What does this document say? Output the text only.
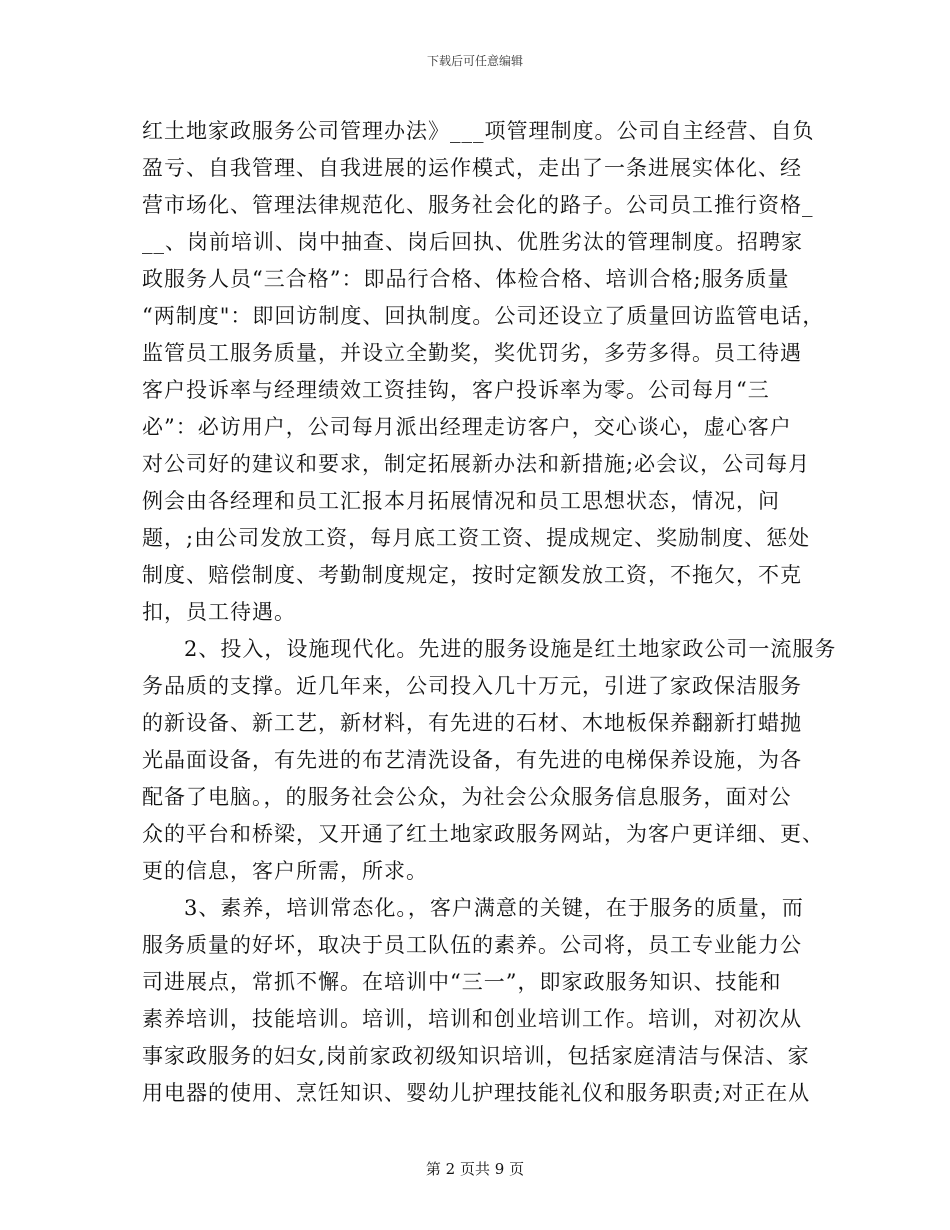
下载后可任意编辑
红土地家政服务公司管理办法》___项管理制度。公司自主经营、自负
盈亏、自我管理、自我进展的运作模式，走出了一条进展实体化、经
营市场化、管理法律规范化、服务社会化的路子。公司员工推行资格_
__、岗前培训、岗中抽查、岗后回执、优胜劣汰的管理制度。招聘家
政服务人员“三合格”：即品行合格、体检合格、培训合格;服务质量
“两制度"：即回访制度、回执制度。公司还设立了质量回访监管电话，
监管员工服务质量，并设立全勤奖，奖优罚劣，多劳多得。员工待遇
客户投诉率与经理绩效工资挂钩，客户投诉率为零。公司每月“三
必”：必访用户，公司每月派出经理走访客户，交心谈心，虚心客户
对公司好的建议和要求，制定拓展新办法和新措施;必会议，公司每月
例会由各经理和员工汇报本月拓展情况和员工思想状态，情况，问
题，;由公司发放工资，每月底工资工资、提成规定、奖励制度、惩处
制度、赔偿制度、考勤制度规定，按时定额发放工资，不拖欠，不克
扣，员工待遇。
2、投入，设施现代化。先进的服务设施是红土地家政公司一流服务
务品质的支撑。近几年来，公司投入几十万元，引进了家政保洁服务
的新设备、新工艺，新材料，有先进的石材、木地板保养翻新打蜡抛
光晶面设备，有先进的布艺清洗设备，有先进的电梯保养设施，为各
配备了电脑。，的服务社会公众，为社会公众服务信息服务，面对公
众的平台和桥梁，又开通了红土地家政服务网站，为客户更详细、更、
更的信息，客户所需，所求。
3、素养，培训常态化。，客户满意的关键，在于服务的质量，而
服务质量的好坏，取决于员工队伍的素养。公司将，员工专业能力公
司进展点，常抓不懈。在培训中“三一”，即家政服务知识、技能和
素养培训，技能培训。培训，培训和创业培训工作。培训，对初次从
事家政服务的妇女,岗前家政初级知识培训，包括家庭清洁与保洁、家
用电器的使用、烹饪知识、婴幼儿护理技能礼仪和服务职责;对正在从
第 2 页共 9 页
